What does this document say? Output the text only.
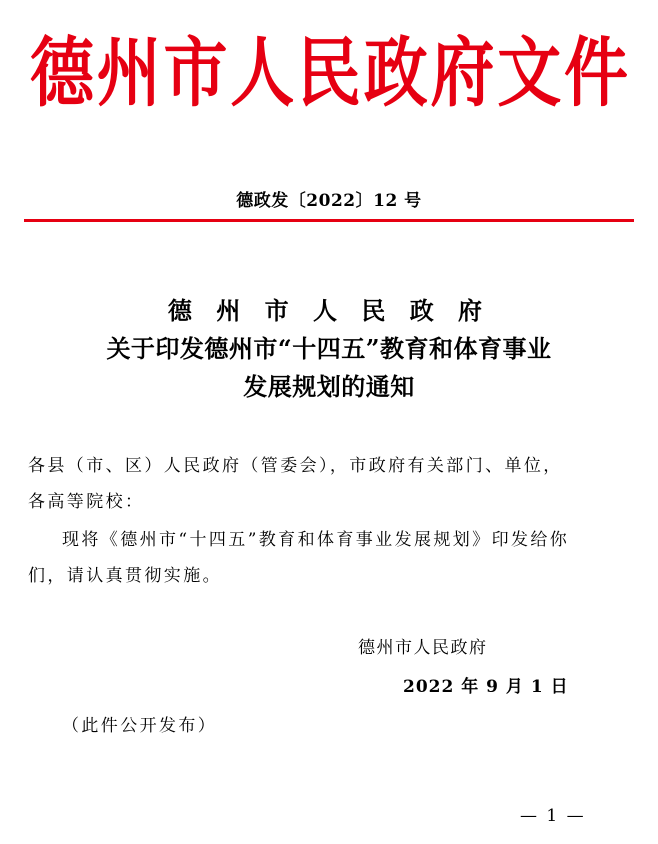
德 州 市 人 民 政 府 文 件
德政发〔2022〕12 号
德 州 市 人 民 政 府
关于印发德州市“十四五”教育和体育事业
发展规划的通知
各县（市、区）人民政府（管委会），市政府有关部门、单位，
各高等院校：
现将《德州市“十四五”教育和体育事业发展规划》印发给你
们，请认真贯彻实施。
德州市人民政府
2022 年 9 月 1 日
（此件公开发布）
— 1 —
